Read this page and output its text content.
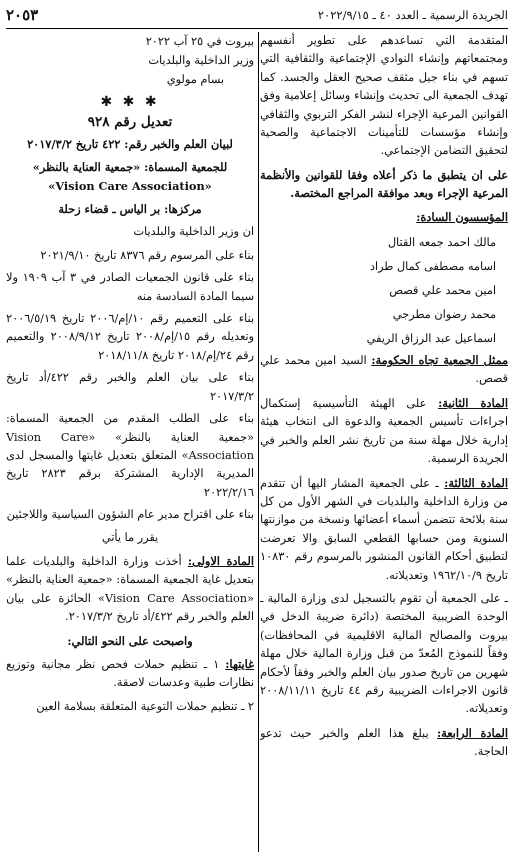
الجريدة الرسمية ـ العدد ٤٠ ـ ٢٠٢٢/٩/١٥
٢٠٥٣

المتقدمة التي تساعدهم على تطوير أنفسهم ومجتمعاتهم وإنشاء النوادي الإجتماعية والثقافية التي تسهم في بناء جيل مثقف صحيح العقل والجسد. كما تهدف الجمعية الى تحديث وإنشاء وسائل إعلامية وفق القوانين المرعية الإجراء لنشر الفكر التربوي والثقافي وإنشاء مؤسسات للتأمينات الاجتماعية والصحية لتحقيق التضامن الإجتماعي.

على ان يتطبق ما ذكر أعلاه وفقا للقوانين والأنظمة المرعية الإجراء وبعد موافقة المراجع المختصة.

المؤسسون السادة:

مالك احمد جمعه القتال

اسامه مصطفى كمال طراد

امين محمد علي قصص

محمد رضوان مطرجي

اسماعيل عبد الرزاق الريفي

ممثل الجمعية تجاه الحكومة: السيد امين محمد علي قصص.

المادة الثانية: على الهيئة التأسيسية إستكمال اجراءات تأسيس الجمعية والدعوة الى انتخاب هيئة إدارية خلال مهلة سنة من تاريخ نشر العلم والخبر في الجريدة الرسمية.

المادة الثالثة: ـ على الجمعية المشار اليها أن تتقدم من وزارة الداخلية والبلديات في الشهر الأول من كل سنة بلائحة تتضمن أسماء أعضائها ونسخة من موازنتها السنوية ومن حسابها القطعي السابق والا تعرضت لتطبيق أحكام القانون المنشور بالمرسوم رقم ١٠٨٣٠ تاريخ ١٩٦٢/١٠/٩ وتعديلاته.

ـ على الجمعية أن تقوم بالتسجيل لدى وزارة المالية ـ الوحدة الضريبية المختصة (دائرة ضريبة الدخل في بيروت والمصالح المالية الاقليمية في المحافظات) وفقاً للنموذج المُعدّ من قبل وزارة المالية خلال مهلة شهرين من تاريخ صدور بيان العلم والخبر وفقاً لأحكام قانون الاجراءات الضريبية رقم ٤٤ تاريخ ٢٠٠٨/١١/١١ وتعديلاته.

المادة الرابعة: يبلغ هذا العلم والخبر حيث تدعو الحاجة.

بيروت في ٢٥ آب ٢٠٢٢

وزير الداخلية والبلديات

بسام مولوي

✱ ✱ ✱
تعديل رقم ٩٢٨

لبيان العلم والخبر رقم: ٤٢٢ تاريخ ٢٠١٧/٣/٢

للجمعية المسماة: «جمعية العناية بالنظر»

«Vision Care Association»

مركزها: بر الياس ـ قضاء زحلة

ان وزير الداخلية والبلديات

بناء على المرسوم رقم ٨٣٧٦ تاريخ ٢٠٢١/٩/١٠

بناء على قانون الجمعيات الصادر في ٣ آب ١٩٠٩ ولا سيما المادة السادسة منه

بناء على التعميم رقم ١٠/إم/٢٠٠٦ تاريخ ٢٠٠٦/٥/١٩ وتعديله رقم ١٥/إم/٢٠٠٨ تاريخ ٢٠٠٨/٩/١٢ والتعميم رقم ٢٤/إم/٢٠١٨ تاريخ ٢٠١٨/١١/٨

بناء على بيان العلم والخبر رقم ٤٢٢/أد تاريخ ٢٠١٧/٣/٢

بناء على الطلب المقدم من الجمعية المسماة: «جمعية العناية بالنظر» «Vision Care Association» المتعلق بتعديل غايتها والمسجل لدى المديرية الإدارية المشتركة برقم ٢٨٢٣ تاريخ ٢٠٢٢/٢/١٦

بناء على اقتراح مدير عام الشؤون السياسية واللاجئين

يقرر ما يأتي

المادة الاولى: أخذت وزارة الداخلية والبلديات علما بتعديل غاية الجمعية المسماة: «جمعية العناية بالنظر» «Vision Care Association» الحائزة على بيان العلم والخبر رقم ٤٢٢/أد تاريخ ٢٠١٧/٣/٢.

واصبحت على النحو التالي:

غايتها: ١ ـ تنظيم حملات فحص نظر مجانية وتوزيع نظارات طبية وعدسات لاصقة.

٢ ـ تنظيم حملات التوعية المتعلقة بسلامة العين
